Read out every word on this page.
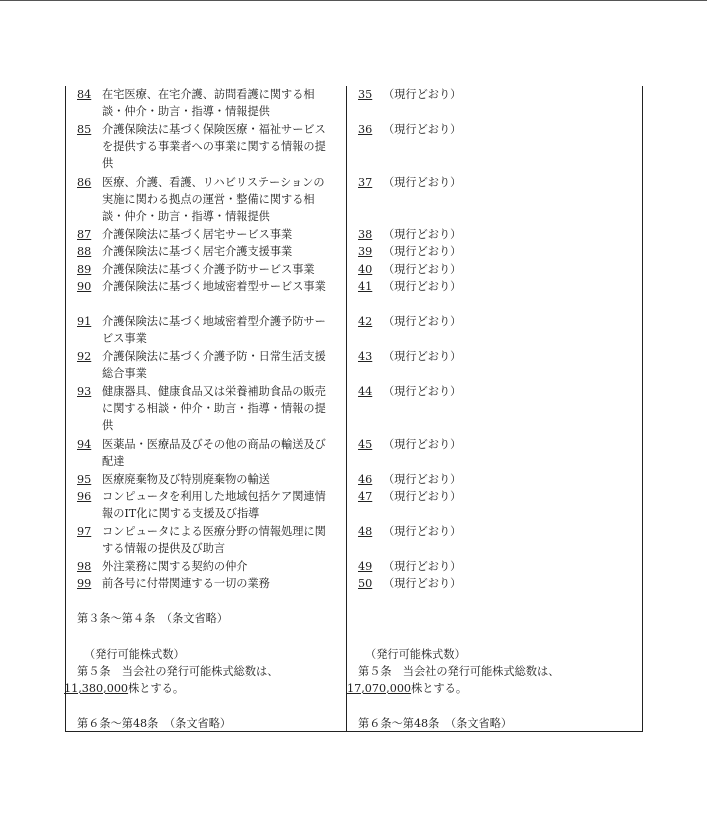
84 在宅医療、在宅介護、訪問看護に関する相談・仲介・助言・指導・情報提供
85 介護保険法に基づく保険医療・福祉サービスを提供する事業者への事業に関する情報の提供
86 医療、介護、看護、リハビリステーションの実施に関わる拠点の運営・整備に関する相談・仲介・助言・指導・情報提供
87 介護保険法に基づく居宅サービス事業
88 介護保険法に基づく居宅介護支援事業
89 介護保険法に基づく介護予防サービス事業
90 介護保険法に基づく地域密着型サービス事業
91 介護保険法に基づく地域密着型介護予防サービス事業
92 介護保険法に基づく介護予防・日常生活支援総合事業
93 健康器具、健康食品又は栄養補助食品の販売に関する相談・仲介・助言・指導・情報の提供
94 医薬品・医療品及びその他の商品の輸送及び配達
95 医療廃棄物及び特別廃棄物の輸送
96 コンピュータを利用した地域包括ケア関連情報のIT化に関する支援及び指導
97 コンピュータによる医療分野の情報処理に関する情報の提供及び助言
98 外注業務に関する契約の仲介
99 前各号に付帯関連する一切の業務
第３条〜第４条　（条文省略）
（発行可能株式数）
第５条　当会社の発行可能株式総数は、
11,380,000株とする。
第６条〜第48条　（条文省略）
35 （現行どおり）
36 （現行どおり）
37 （現行どおり）
38 （現行どおり）
39 （現行どおり）
40 （現行どおり）
41 （現行どおり）
42 （現行どおり）
43 （現行どおり）
44 （現行どおり）
45 （現行どおり）
46 （現行どおり）
47 （現行どおり）
48 （現行どおり）
49 （現行どおり）
50 （現行どおり）
（発行可能株式数）
第５条　当会社の発行可能株式総数は、
17,070,000株とする。
第６条〜第48条　（条文省略）
